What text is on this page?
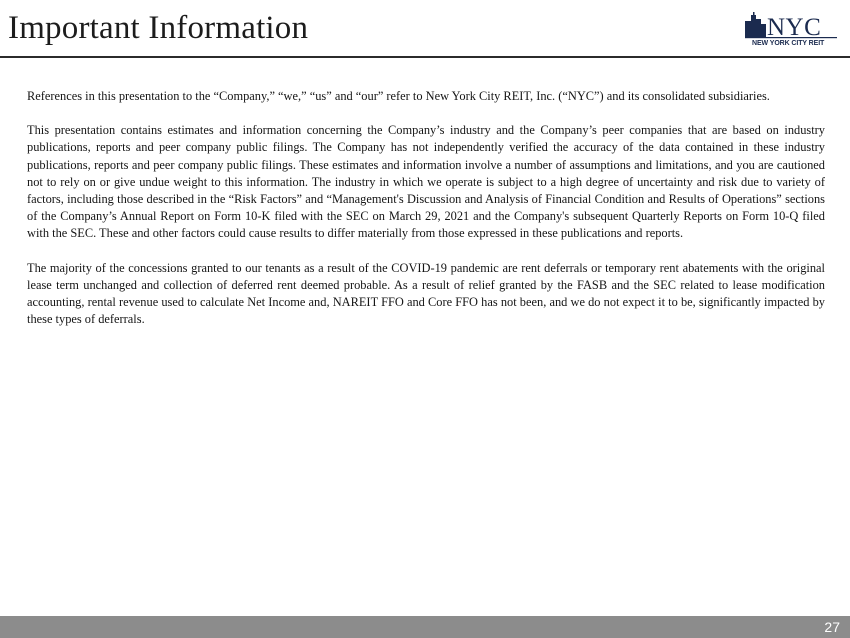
Important Information	NYC
NEW YORK CITY REIT

References in this presentation to the “Company,” “we,” “us” and “our” refer to New York City REIT, Inc. (“NYC”) and its consolidated subsidiaries.

This presentation contains estimates and information concerning the Company’s industry and the Company’s peer companies that are based on industry publications, reports and peer company public filings. The Company has not independently verified the accuracy of the data contained in these industry publications, reports and peer company public filings. These estimates and information involve a number of assumptions and limitations, and you are cautioned not to rely on or give undue weight to this information. The industry in which we operate is subject to a high degree of uncertainty and risk due to variety of factors, including those described in the “Risk Factors” and “Management's Discussion and Analysis of Financial Condition and Results of Operations” sections of the Company’s Annual Report on Form 10-K filed with the SEC on March 29, 2021 and the Company's subsequent Quarterly Reports on Form 10-Q filed with the SEC. These and other factors could cause results to differ materially from those expressed in these publications and reports.

The majority of the concessions granted to our tenants as a result of the COVID-19 pandemic are rent deferrals or temporary rent abatements with the original lease term unchanged and collection of deferred rent deemed probable. As a result of relief granted by the FASB and the SEC related to lease modification accounting, rental revenue used to calculate Net Income and, NAREIT FFO and Core FFO has not been, and we do not expect it to be, significantly impacted by these types of deferrals.

27
